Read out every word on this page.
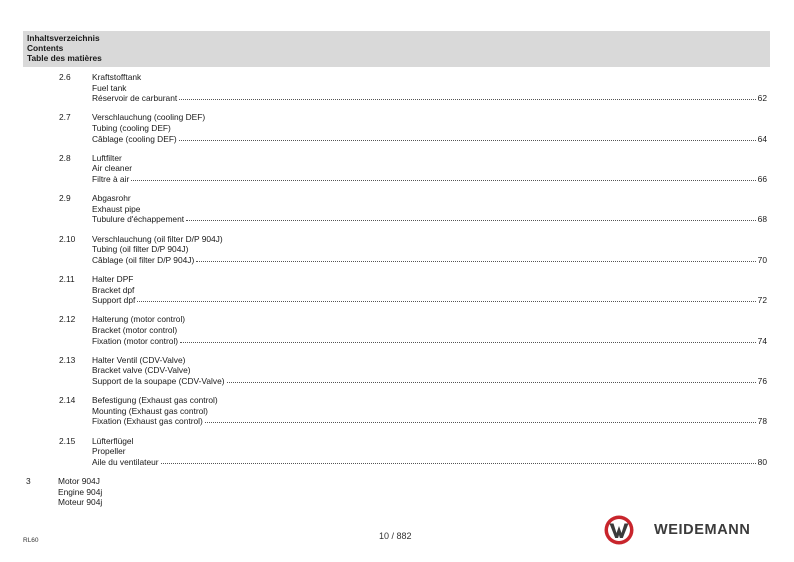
Inhaltsverzeichnis
Contents
Table des matières
2.6	Kraftstofftank
Fuel tank
Réservoir de carburant	62
2.7	Verschlauchung (cooling DEF)
Tubing (cooling DEF)
Câblage (cooling DEF)	64
2.8	Luftfilter
Air cleaner
Filtre à air	66
2.9	Abgasrohr
Exhaust pipe
Tubulure d'échappement	68
2.10 Verschlauchung (oil filter D/P 904J)
Tubing (oil filter D/P 904J)
Câblage (oil filter D/P 904J)	70
2.11 Halter DPF
Bracket dpf
Support dpf	72
2.12 Halterung (motor control)
Bracket (motor control)
Fixation (motor control)	74
2.13 Halter Ventil (CDV-Valve)
Bracket valve (CDV-Valve)
Support de la soupape (CDV-Valve)	76
2.14 Befestigung (Exhaust gas control)
Mounting (Exhaust gas control)
Fixation (Exhaust gas control)	78
2.15 Lüfterflügel
Propeller
Aile du ventilateur	80
3	Motor 904J
Engine 904j
Moteur 904j
RL60	10 / 882	WEIDEMANN
